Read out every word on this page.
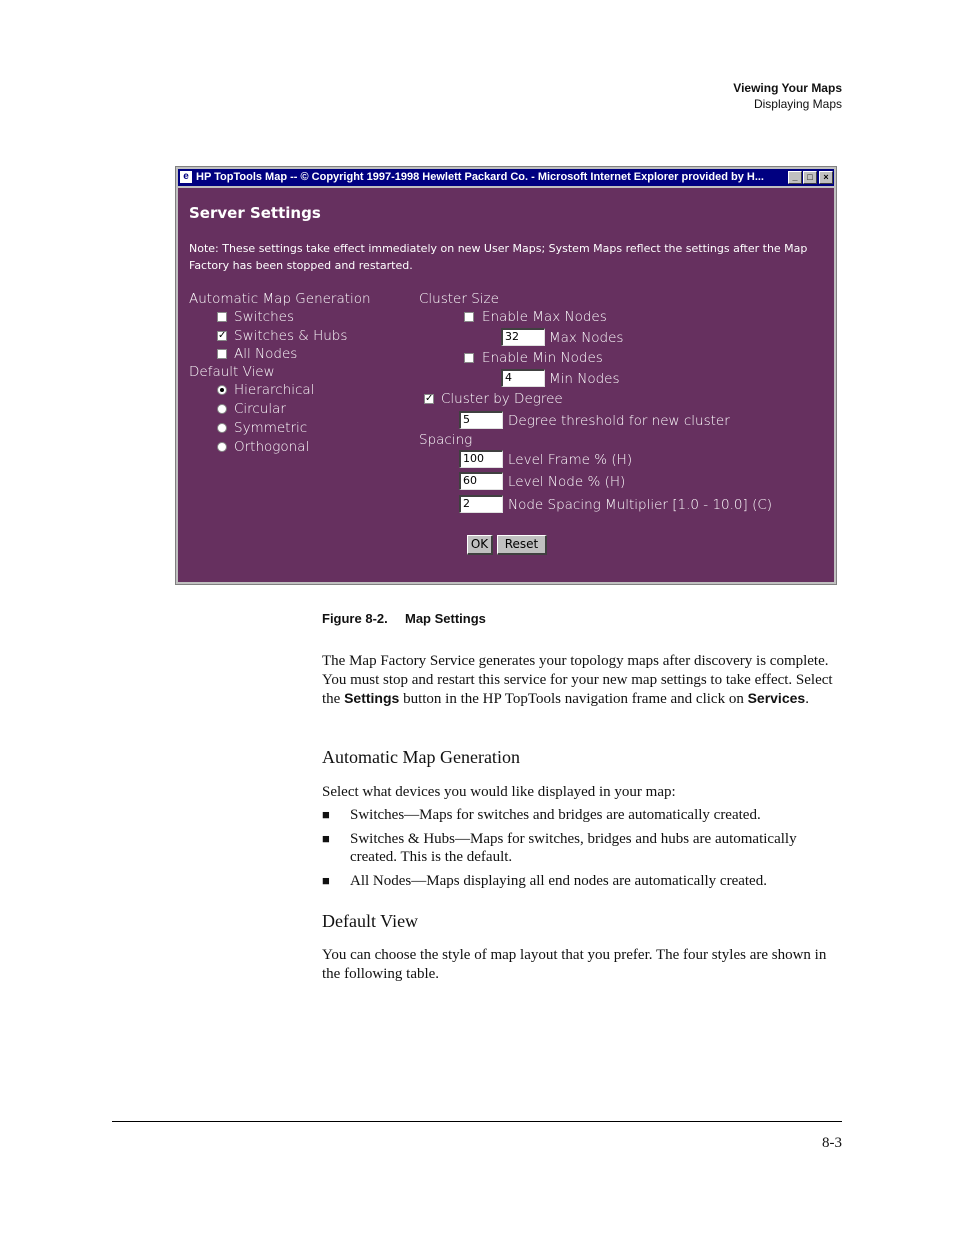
Viewing Your Maps
Displaying Maps
e HP TopTools Map -- © Copyright 1997-1998 Hewlett Packard Co. - Microsoft Internet Explorer provided by H...	_	□	×
Server Settings
Note: These settings take effect immediately on new User Maps; System Maps reflect the settings after the Map Factory has been stopped and restarted.
Automatic Map Generation
Switches
✓ Switches & Hubs
All Nodes
Default View
Hierarchical
Circular
Symmetric
Orthogonal
Cluster Size
Enable Max Nodes
32	Max Nodes
Enable Min Nodes
4	Min Nodes
✓ Cluster by Degree
5	Degree threshold for new cluster
Spacing
100	Level Frame % (H)
60	Level Node % (H)
2	Node Spacing Multiplier [1.0 - 10.0] (C)
OK	Reset
Figure 8-2. Map Settings
The Map Factory Service generates your topology maps after discovery is complete. You must stop and restart this service for your new map settings to take effect. Select the Settings button in the HP TopTools navigation frame and click on Services.
Automatic Map Generation
Select what devices you would like displayed in your map:
■ Switches—Maps for switches and bridges are automatically created.
■ Switches & Hubs—Maps for switches, bridges and hubs are automatically created. This is the default.
■ All Nodes—Maps displaying all end nodes are automatically created.
Default View
You can choose the style of map layout that you prefer. The four styles are shown in the following table.
8-3
